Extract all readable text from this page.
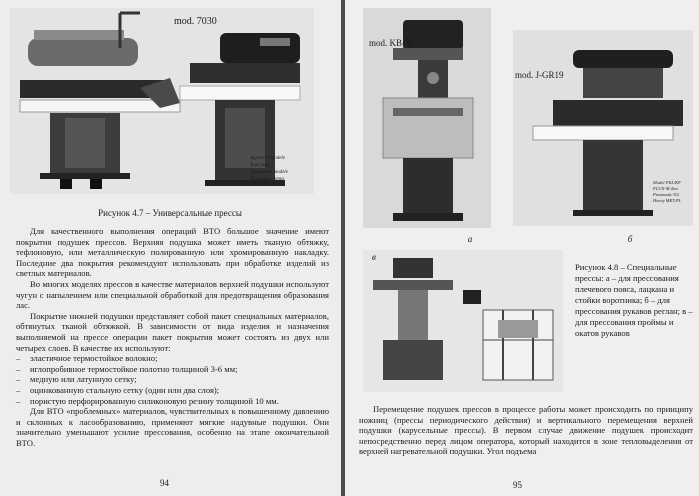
mod. 7030
Appareils modele
Tous mod.
Adaptation modele
Pneumatic temps
Рисунок 4.7 – Универсальные прессы

Для качественного выполнения операций ВТО большое значение имеют покрытия подушек прессов. Верхняя подушка может иметь тканую обтяжку, тефлоновую, или металлическую полированную или хромированную накладку. Последние два покрытия рекомендуют использовать при обработке изделий из светлых материалов.

Во многих моделях прессов в качестве материалов верхней подушки используют чугун с напылением или специальной обработкой для предотвращения образования лас.

Покрытие нижней подушки представляет собой пакет специальных материалов, обтянутых тканой обтяжкой. В зависимости от вида изделия и назначения выполняемой на прессе операции пакет покрытия может состоять из двух или четырех слоев. В качестве их используют:

– эластичное термостойкое волокно;
– иглопробивное термостойкое полотно толщиной 3-6 мм;
– медную или латунную сетку;
– оцинкованную стальную сетку (один или два слоя);
– пористую перфорированную силиконовую резину толщиной 10 мм.

Для ВТО «проблемных» материалов, чувствительных к повышенному давлению и склонных к ласообразованию, применяют мягкие надувные подушки. Они значительно уменьшают усилие прессования, особенно на этапе окончательной ВТО.

94
mod. KB-35
а
mod. J-GR19
Model FKL/KF
FLUX-M 4ow
Pneumatic 9/2
Heavy MKT/FL
б
в
Рисунок 4.8 – Специальные прессы: а – для прессования плечевого пояса, лацкана и стойки воротника; б – для прессования рукавов реглан; в – для прессования проймы и окатов рукавов

Перемещение подушек прессов в процессе работы может происходить по принципу ножниц (прессы периодического действия) и вертикального перемещения верхней подушки (карусельные прессы). В первом случае движение подушек происходит непосредственно перед лицом оператора, который находится в зоне тепловыделения от верхней нагревательной подушки. Угол подъема

95
